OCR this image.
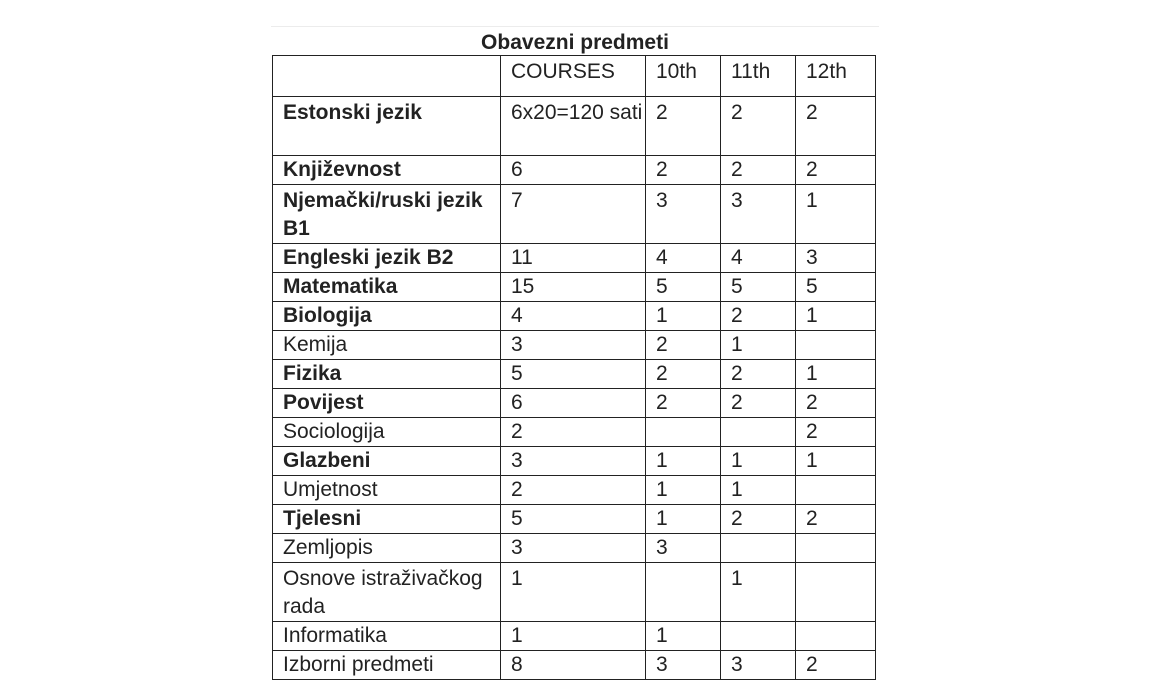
Obavezni predmeti
	COURSES	10th	11th	12th
Estonski jezik	6x20=120 sati	2	2	2
Književnost	6	2	2	2
Njemački/ruski jezik B1	7	3	3	1
Engleski jezik B2	11	4	4	3
Matematika	15	5	5	5
Biologija	4	1	2	1
Kemija	3	2	1	
Fizika	5	2	2	1
Povijest	6	2	2	2
Sociologija	2			2
Glazbeni	3	1	1	1
Umjetnost	2	1	1	
Tjelesni	5	1	2	2
Zemljopis	3	3		
Osnove istraživačkog rada	1		1	
Informatika	1	1		
Izborni predmeti	8	3	3	2
